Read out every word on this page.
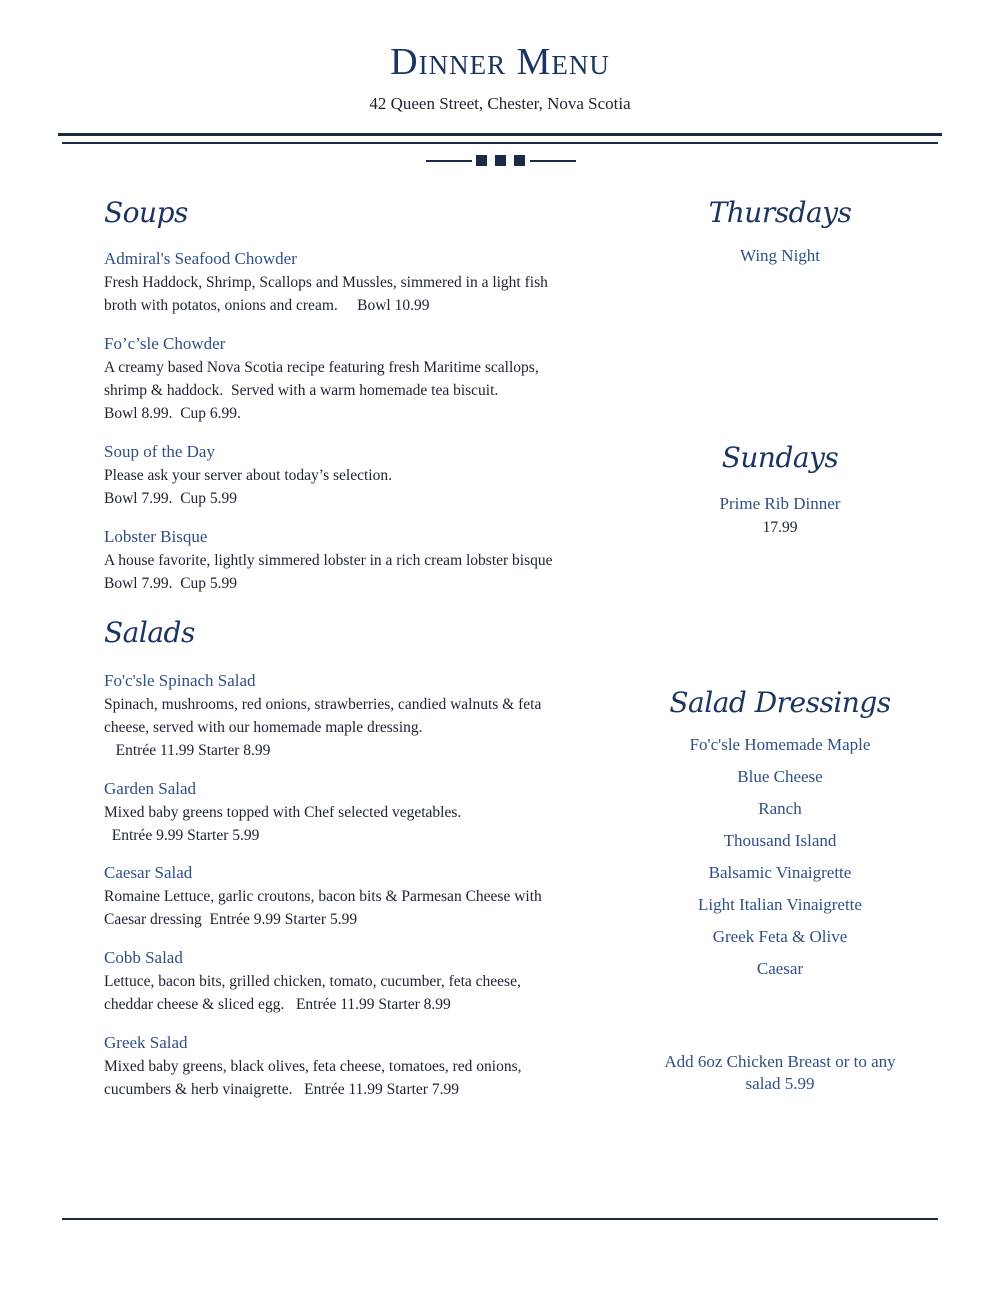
Dinner Menu
42 Queen Street, Chester, Nova Scotia
Soups
Admiral's Seafood Chowder
Fresh Haddock, Shrimp, Scallops and Mussles, simmered in a light fish
broth with potatos, onions and cream.     Bowl 10.99
Fo’c’sle Chowder
A creamy based Nova Scotia recipe featuring fresh Maritime scallops,
shrimp & haddock.  Served with a warm homemade tea biscuit.
Bowl 8.99.  Cup 6.99.
Soup of the Day
Please ask your server about today’s selection.
Bowl 7.99.  Cup 5.99
Lobster Bisque
A house favorite, lightly simmered lobster in a rich cream lobster bisque
Bowl 7.99.  Cup 5.99
Salads
Fo'c'sle Spinach Salad
Spinach, mushrooms, red onions, strawberries, candied walnuts & feta
cheese, served with our homemade maple dressing.
Entrée 11.99 Starter 8.99
Garden Salad
Mixed baby greens topped with Chef selected vegetables.
Entrée 9.99 Starter 5.99
Caesar Salad
Romaine Lettuce, garlic croutons, bacon bits & Parmesan Cheese with
Caesar dressing  Entrée 9.99 Starter 5.99
Cobb Salad
Lettuce, bacon bits, grilled chicken, tomato, cucumber, feta cheese,
cheddar cheese & sliced egg.   Entrée 11.99 Starter 8.99
Greek Salad
Mixed baby greens, black olives, feta cheese, tomatoes, red onions,
cucumbers & herb vinaigrette.   Entrée 11.99 Starter 7.99
Thursdays
Wing Night
Sundays
Prime Rib Dinner
17.99
Salad Dressings
Fo'c'sle Homemade Maple
Blue Cheese
Ranch
Thousand Island
Balsamic Vinaigrette
Light Italian Vinaigrette
Greek Feta & Olive
Caesar
Add 6oz Chicken Breast or to any
salad 5.99
